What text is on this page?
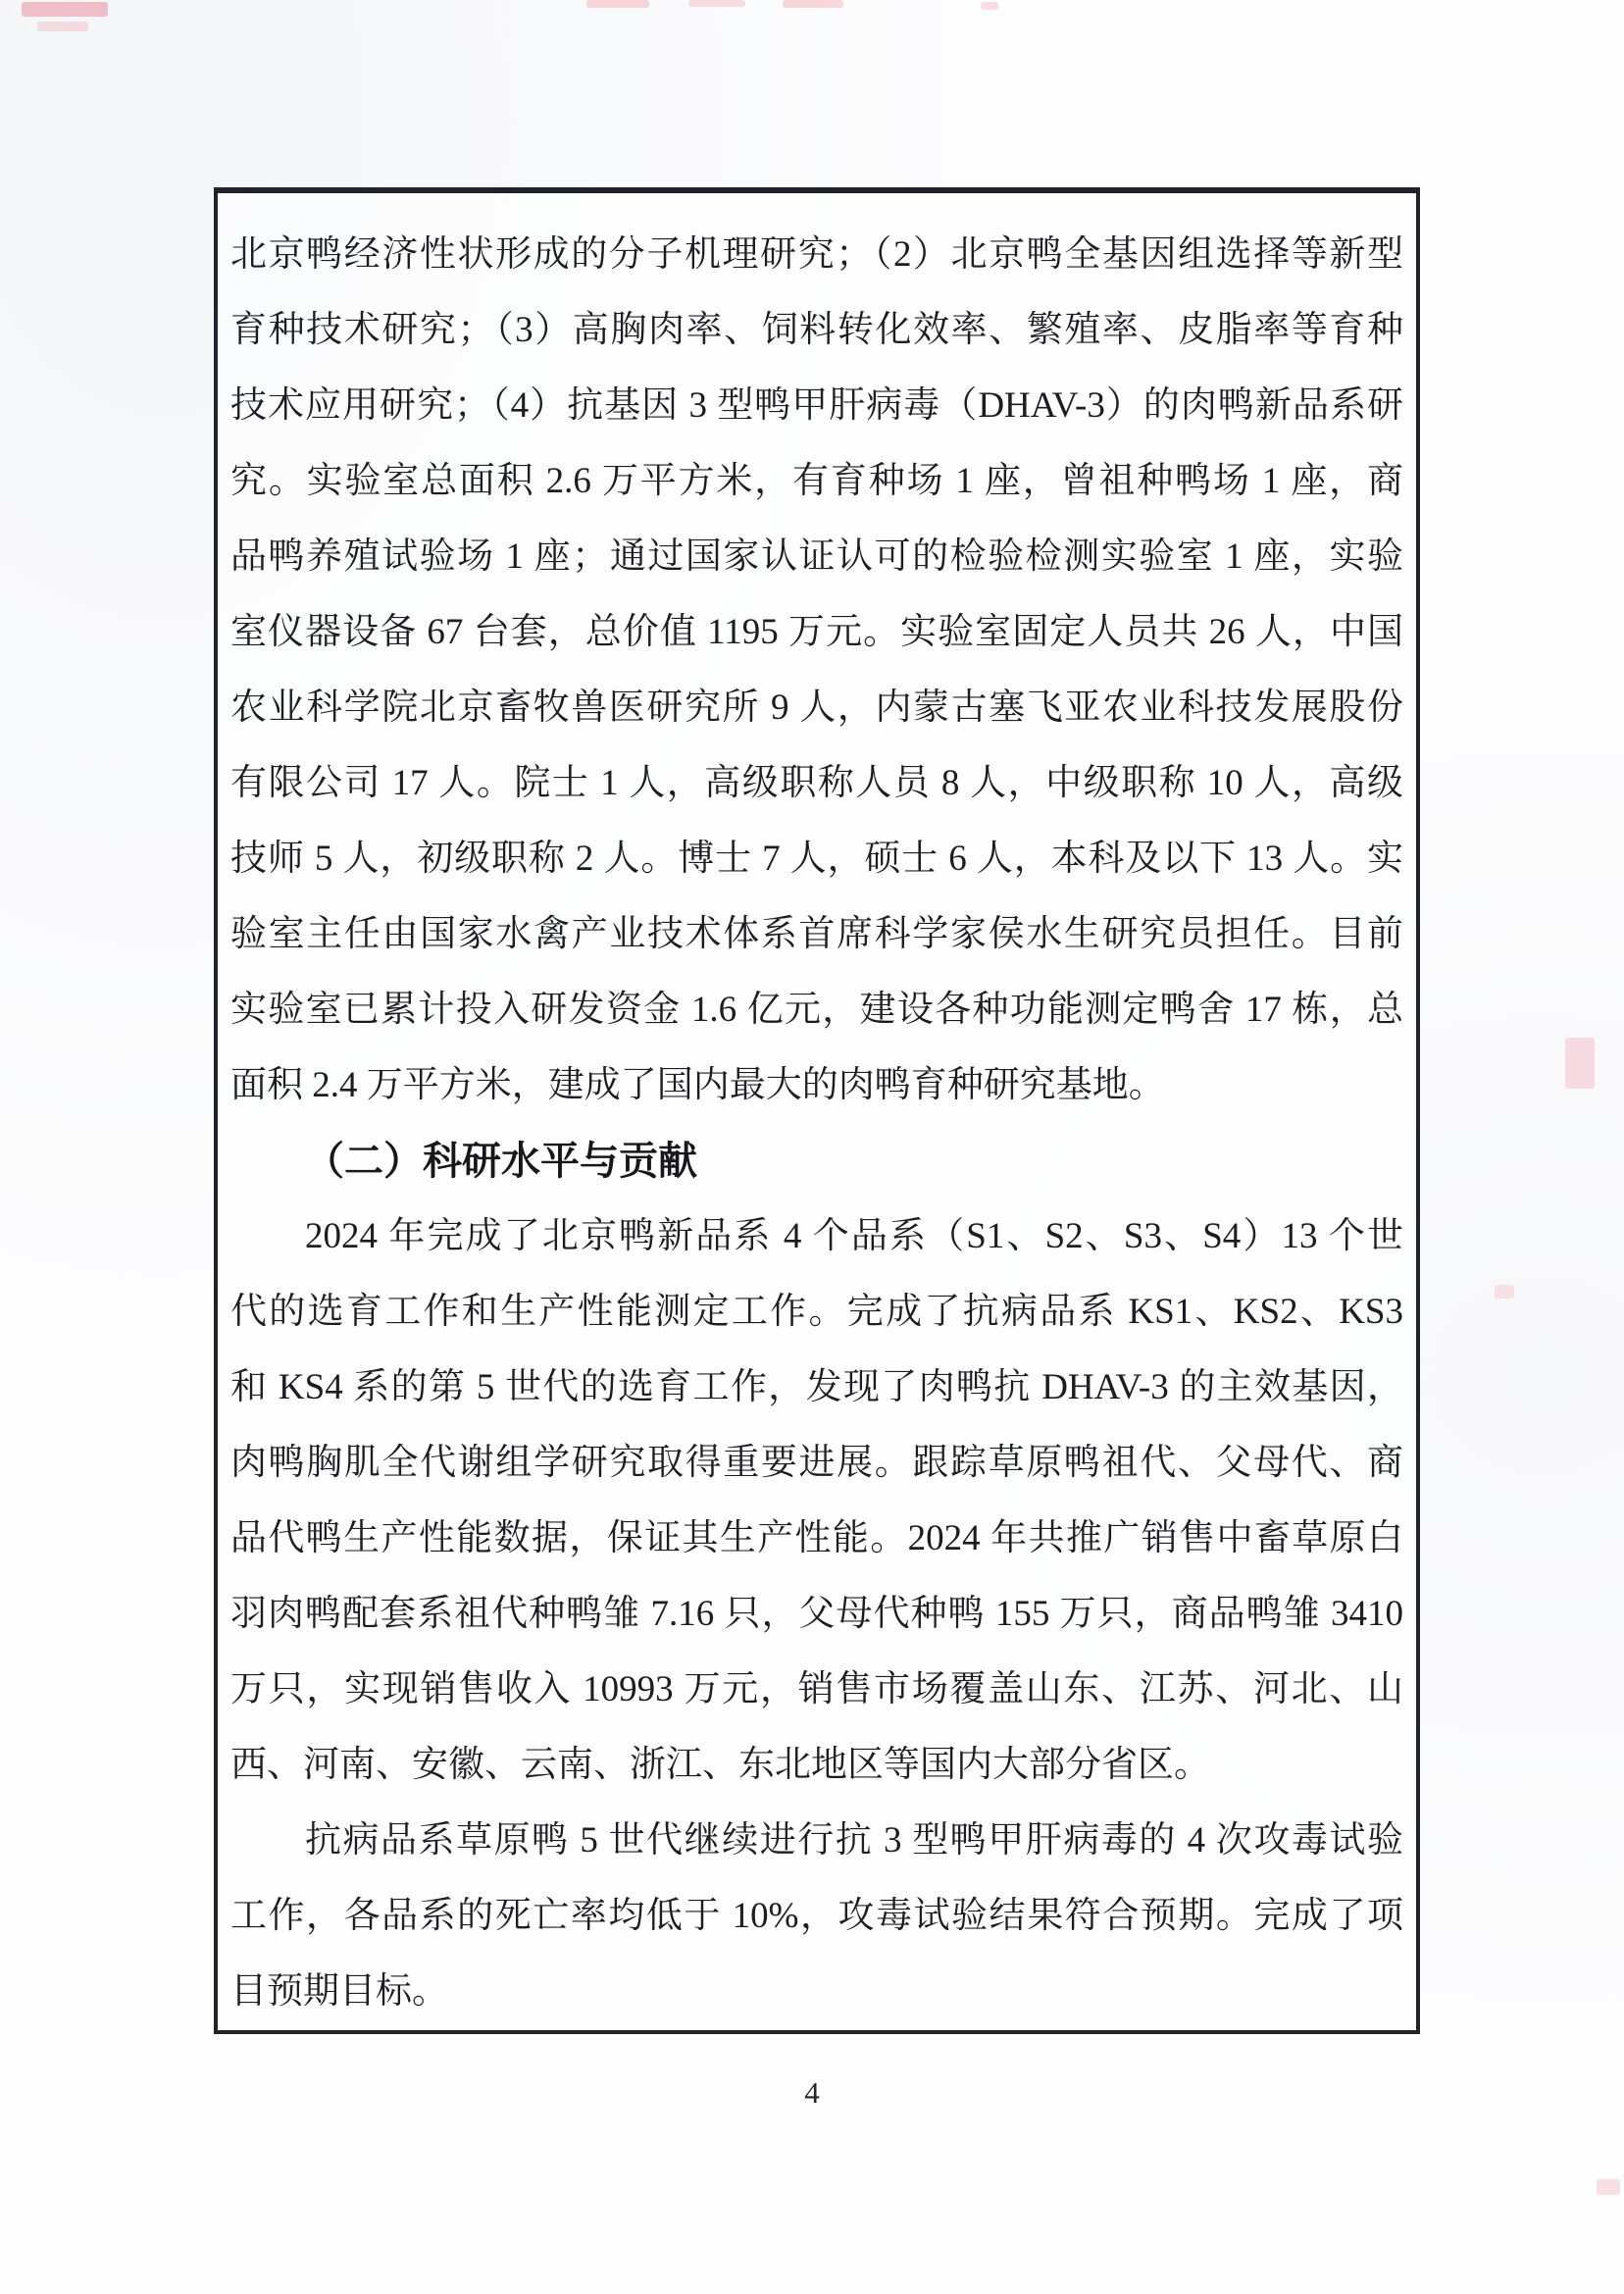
北京鸭经济性状形成的分子机理研究；（2）北京鸭全基因组选择等新型
育种技术研究；（3）高胸肉率、饲料转化效率、繁殖率、皮脂率等育种
技术应用研究；（4）抗基因 3 型鸭甲肝病毒（DHAV-3）的肉鸭新品系研
究。实验室总面积 2.6 万平方米，有育种场 1 座，曾祖种鸭场 1 座，商
品鸭养殖试验场 1 座；通过国家认证认可的检验检测实验室 1 座，实验
室仪器设备 67 台套，总价值 1195 万元。实验室固定人员共 26 人，中国
农业科学院北京畜牧兽医研究所 9 人，内蒙古塞飞亚农业科技发展股份
有限公司 17 人。院士 1 人，高级职称人员 8 人，中级职称 10 人，高级
技师 5 人，初级职称 2 人。博士 7 人，硕士 6 人，本科及以下 13 人。实
验室主任由国家水禽产业技术体系首席科学家侯水生研究员担任。目前
实验室已累计投入研发资金 1.6 亿元，建设各种功能测定鸭舍 17 栋，总
面积 2.4 万平方米，建成了国内最大的肉鸭育种研究基地。
（二）科研水平与贡献
2024 年完成了北京鸭新品系 4 个品系（S1、S2、S3、S4）13 个世
代的选育工作和生产性能测定工作。完成了抗病品系 KS1、KS2、KS3
和 KS4 系的第 5 世代的选育工作，发现了肉鸭抗 DHAV-3 的主效基因，
肉鸭胸肌全代谢组学研究取得重要进展。跟踪草原鸭祖代、父母代、商
品代鸭生产性能数据，保证其生产性能。2024 年共推广销售中畜草原白
羽肉鸭配套系祖代种鸭雏 7.16 只，父母代种鸭 155 万只，商品鸭雏 3410
万只，实现销售收入 10993 万元，销售市场覆盖山东、江苏、河北、山
西、河南、安徽、云南、浙江、东北地区等国内大部分省区。
抗病品系草原鸭 5 世代继续进行抗 3 型鸭甲肝病毒的 4 次攻毒试验
工作，各品系的死亡率均低于 10%，攻毒试验结果符合预期。完成了项
目预期目标。
4
